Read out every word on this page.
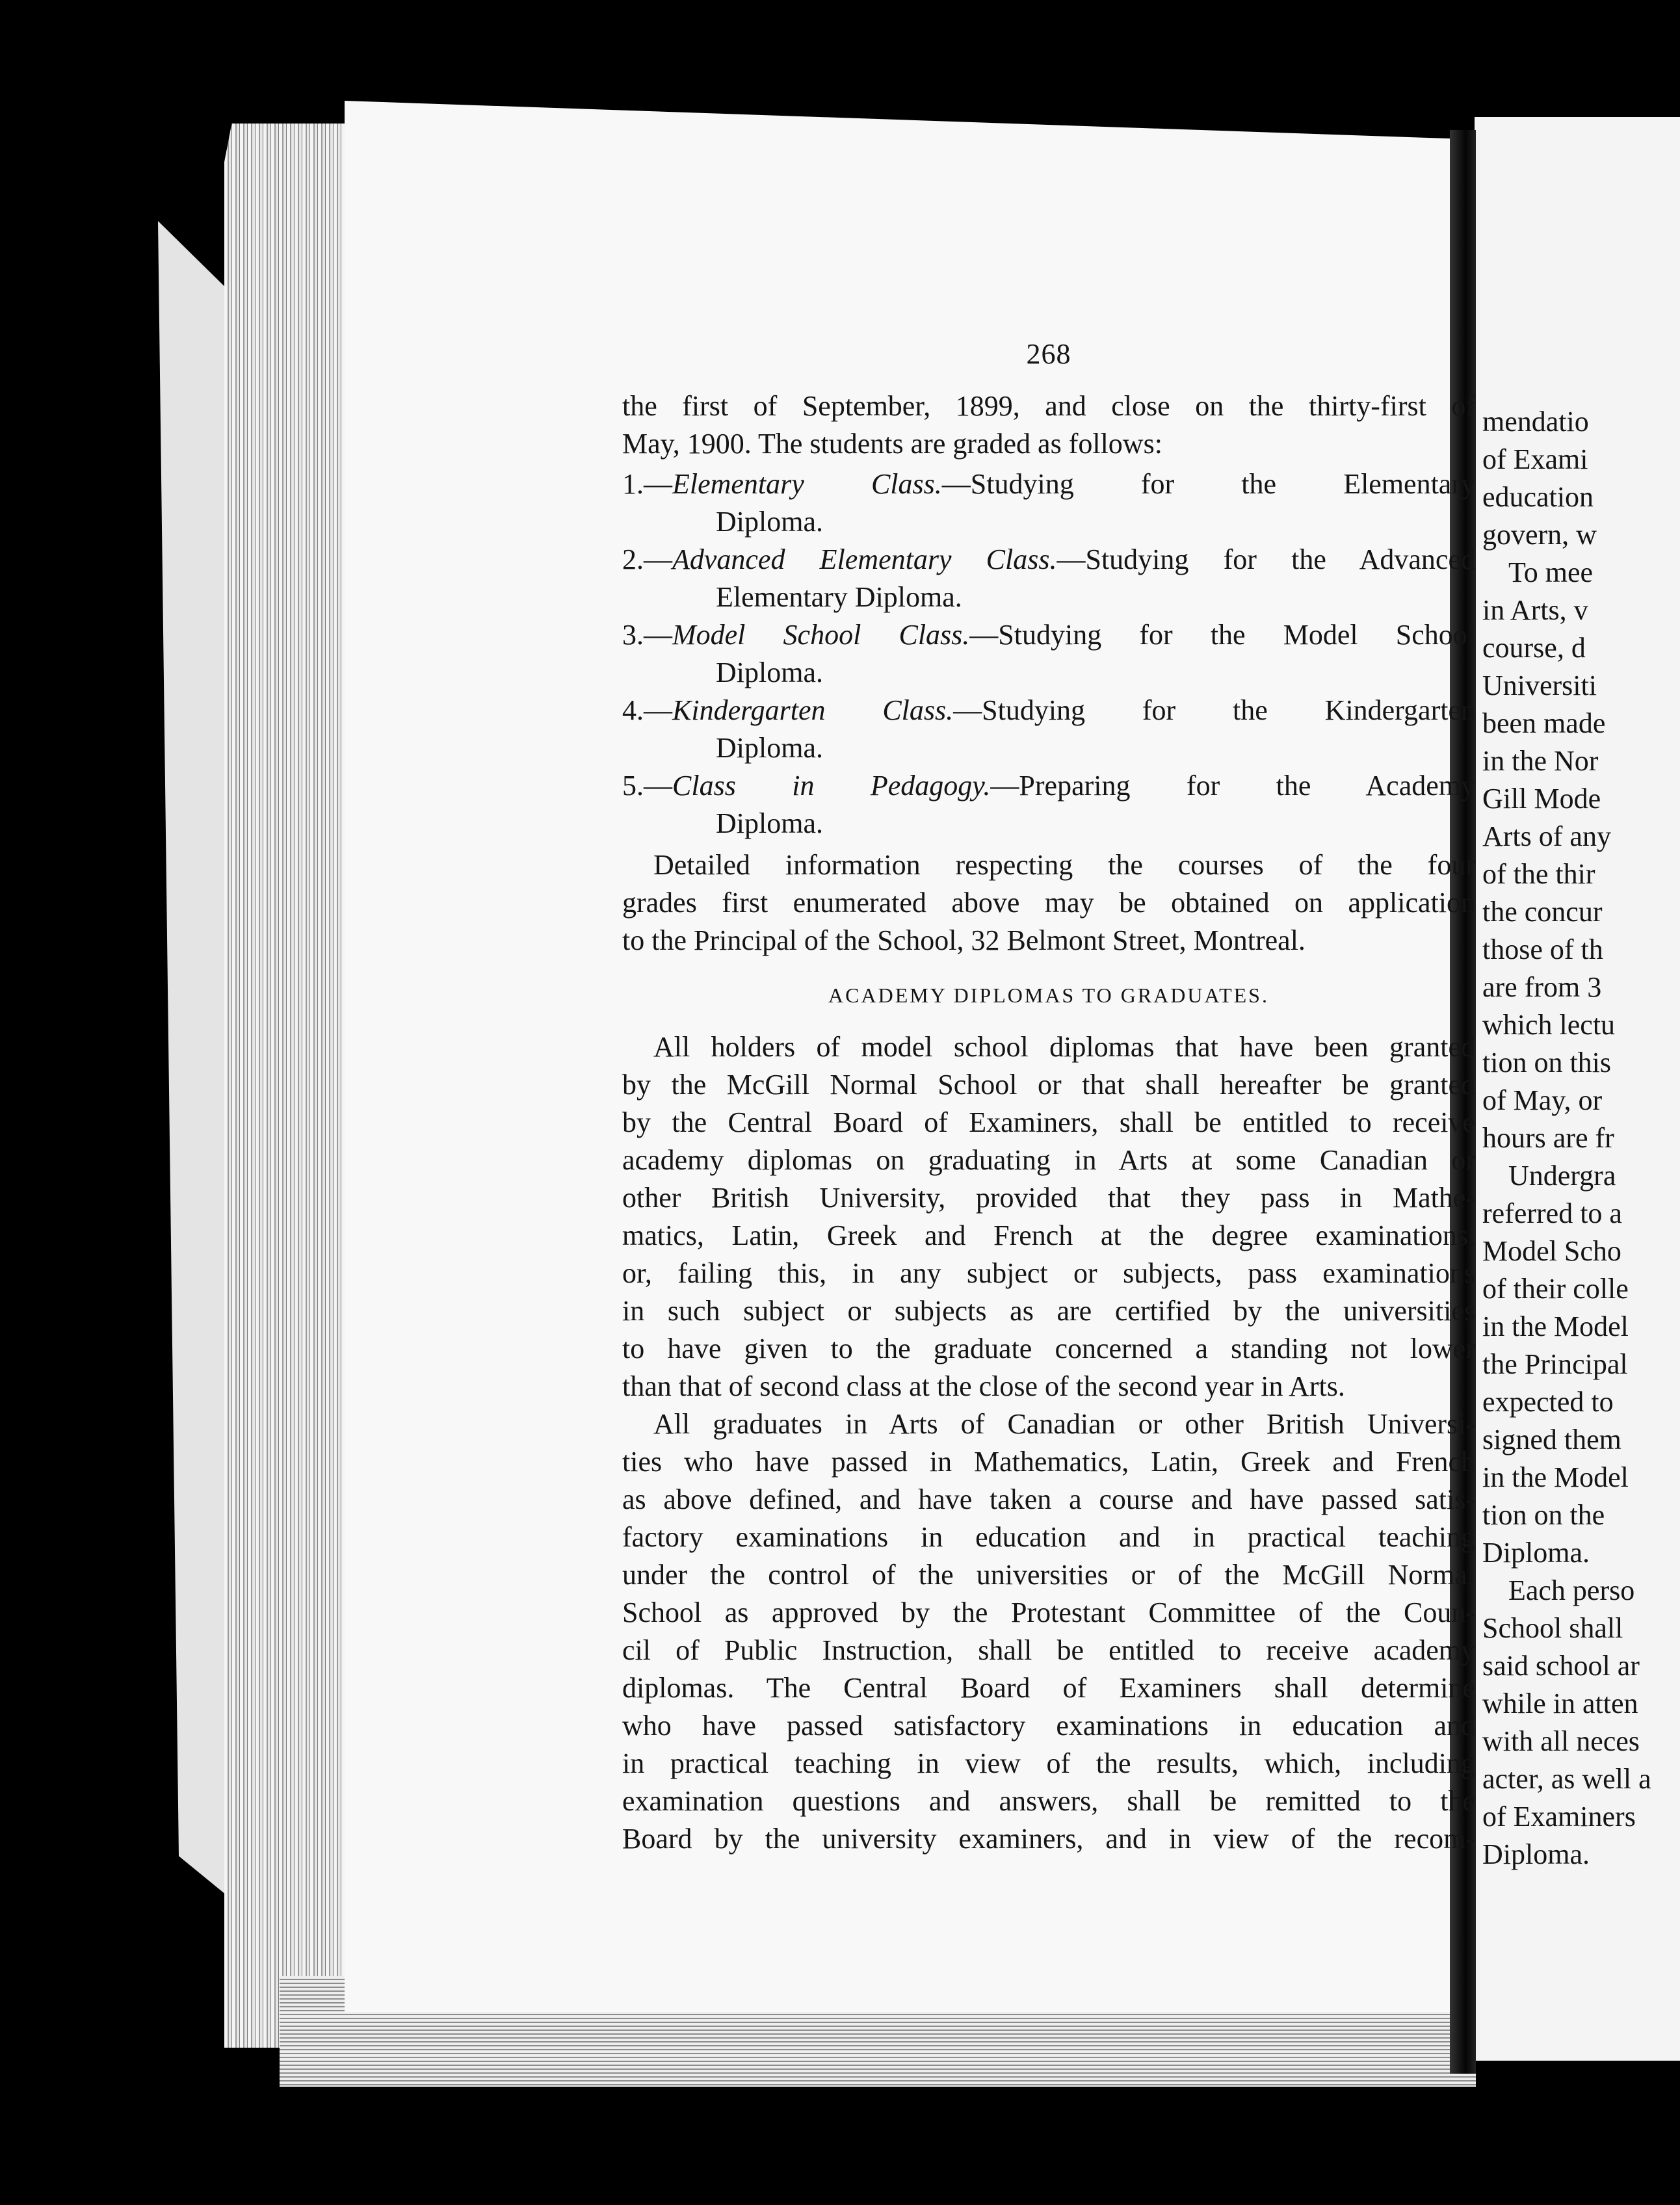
268

the first of September, 1899, and close on the thirty-first of

May, 1900. The students are graded as follows:

1.—Elementary Class.—Studying for the Elementary
Diploma.
2.—Advanced Elementary Class.—Studying for the Advanced
Elementary Diploma.
3.—Model School Class.—Studying for the Model School
Diploma.
4.—Kindergarten Class.—Studying for the Kindergarten
Diploma.
5.—Class in Pedagogy.—Preparing for the Academy
Diploma.

Detailed information respecting the courses of the four

grades first enumerated above may be obtained on application

to the Principal of the School, 32 Belmont Street, Montreal.

ACADEMY DIPLOMAS TO GRADUATES.

All holders of model school diplomas that have been granted

by the McGill Normal School or that shall hereafter be granted

by the Central Board of Examiners, shall be entitled to receive

academy diplomas on graduating in Arts at some Canadian or

other British University, provided that they pass in Mathe-

matics, Latin, Greek and French at the degree examinations,

or, failing this, in any subject or subjects, pass examinations

in such subject or subjects as are certified by the universities

to have given to the graduate concerned a standing not lower

than that of second class at the close of the second year in Arts.

All graduates in Arts of Canadian or other British Universi-

ties who have passed in Mathematics, Latin, Greek and French

as above defined, and have taken a course and have passed satis-

factory examinations in education and in practical teaching

under the control of the universities or of the McGill Normal

School as approved by the Protestant Committee of the Coun-

cil of Public Instruction, shall be entitled to receive academy

diplomas. The Central Board of Examiners shall determine

who have passed satisfactory examinations in education and

in practical teaching in view of the results, which, including

examination questions and answers, shall be remitted to the

Board by the university examiners, and in view of the recom-

mendatio
of Exami
education
govern, w
To mee
in Arts, v
course, d
Universiti
been made
in the Nor
Gill Mode
Arts of any
of the thir
the concur
those of th
are from 3
which lectu
tion on this
of May, or
hours are fr
Undergra
referred to a
Model Scho
of their colle
in the Model
the Principal
expected to
signed them
in the Model
tion on the
Diploma.
Each perso
School shall
said school ar
while in atten
with all neces
acter, as well a
of Examiners
Diploma.
